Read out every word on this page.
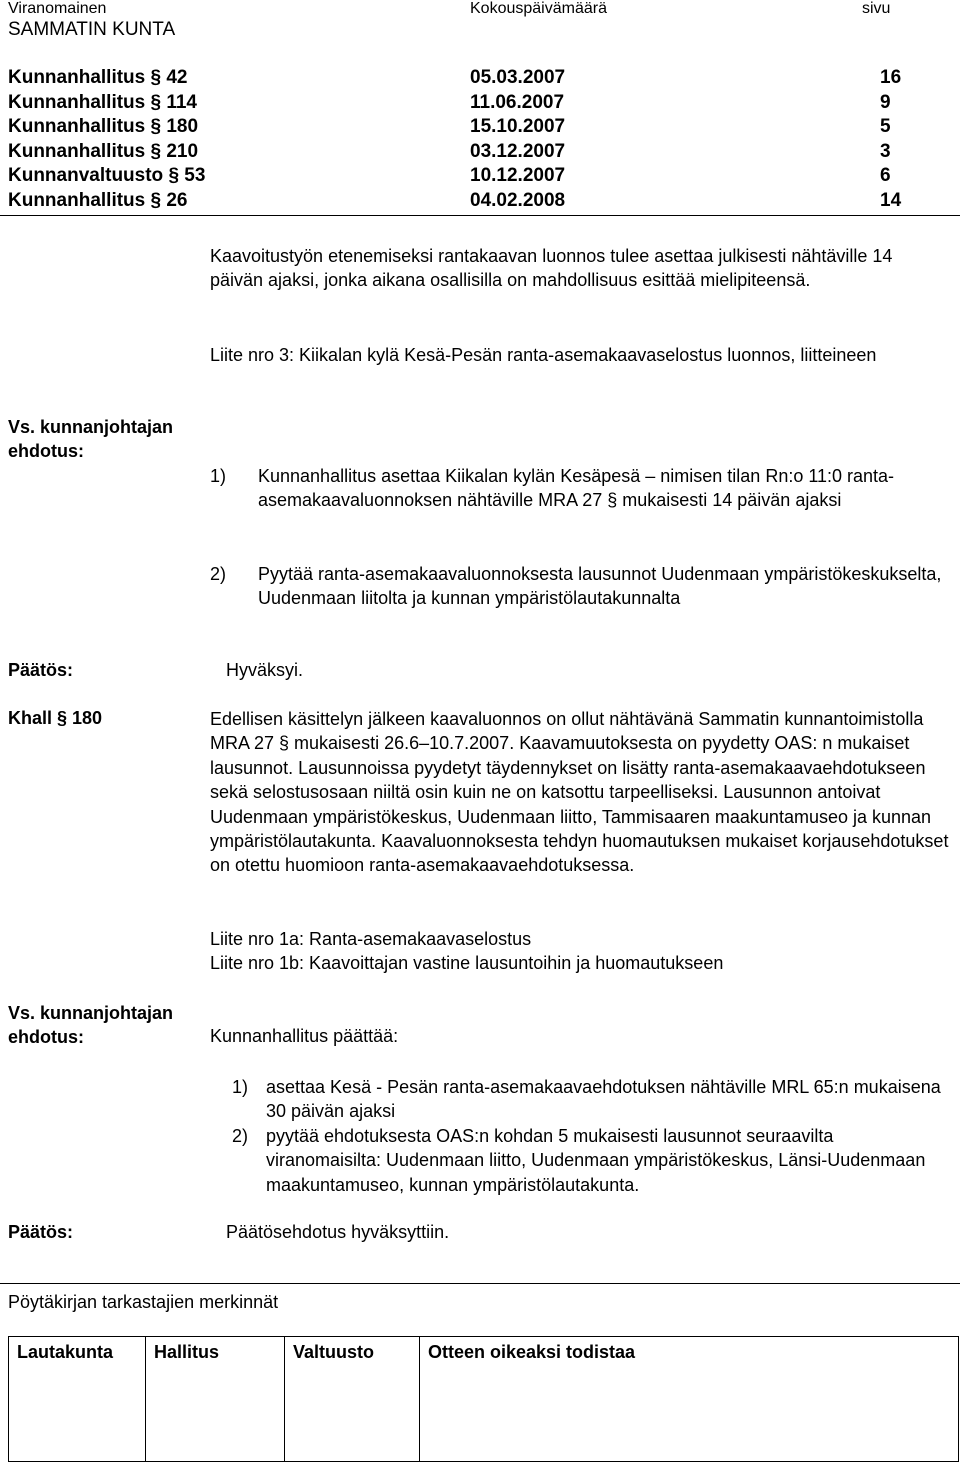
Viranomainen	Kokouspäivämäärä	sivu
SAMMATIN KUNTA
Kunnanhallitus § 42	05.03.2007	16
Kunnanhallitus § 114	11.06.2007	9
Kunnanhallitus § 180	15.10.2007	5
Kunnanhallitus § 210	03.12.2007	3
Kunnanvaltuusto § 53	10.12.2007	6
Kunnanhallitus § 26	04.02.2008	14
Kaavoitustyön etenemiseksi rantakaavan luonnos tulee asettaa julkisesti nähtäville 14 päivän ajaksi, jonka aikana osallisilla on mahdollisuus esittää mielipiteensä.
Liite nro 3: Kiikalan kylä Kesä-Pesän ranta-asemakaavaselostus luonnos, liitteineen
Vs. kunnanjohtajan ehdotus:
1) Kunnanhallitus asettaa Kiikalan kylän Kesäpesä – nimisen tilan Rn:o 11:0 ranta-asemakaavaluonnoksen nähtäville MRA 27 § mukaisesti 14 päivän ajaksi
2) Pyytää ranta-asemakaavaluonnoksesta lausunnot Uudenmaan ympäristökeskukselta, Uudenmaan liitolta ja kunnan ympäristölautakunnalta
Päätös:	Hyväksyi.
Khall § 180	Edellisen käsittelyn jälkeen kaavaluonnos on ollut nähtävänä Sammatin kunnantoimistolla MRA 27 § mukaisesti 26.6–10.7.2007. Kaavamuutoksesta on pyydetty OAS: n mukaiset lausunnot. Lausunnoissa pyydetyt täydennykset on lisätty ranta-asemakaavaehdotukseen sekä selostusosaan niiltä osin kuin ne on katsottu tarpeelliseksi. Lausunnon antoivat Uudenmaan ympäristökeskus, Uudenmaan liitto, Tammisaaren maakuntamuseo ja kunnan ympäristölautakunta. Kaavaluonnoksesta tehdyn huomautuksen mukaiset korjausehdotukset on otettu huomioon ranta-asemakaavaehdotuksessa.
Liite nro 1a: Ranta-asemakaavaselostus
Liite nro 1b: Kaavoittajan vastine lausuntoihin ja huomautukseen
Vs. kunnanjohtajan ehdotus:	Kunnanhallitus päättää:
1) asettaa Kesä - Pesän ranta-asemakaavaehdotuksen nähtäville MRL 65:n mukaisena 30 päivän ajaksi
2) pyytää ehdotuksesta OAS:n kohdan 5 mukaisesti lausunnot seuraavilta viranomaisilta: Uudenmaan liitto, Uudenmaan ympäristökeskus, Länsi-Uudenmaan maakuntamuseo, kunnan ympäristölautakunta.
Päätös:	Päätösehdotus hyväksyttiin.
Pöytäkirjan tarkastajien merkinnät
Lautakunta	Hallitus	Valtuusto	Otteen oikeaksi todistaa
